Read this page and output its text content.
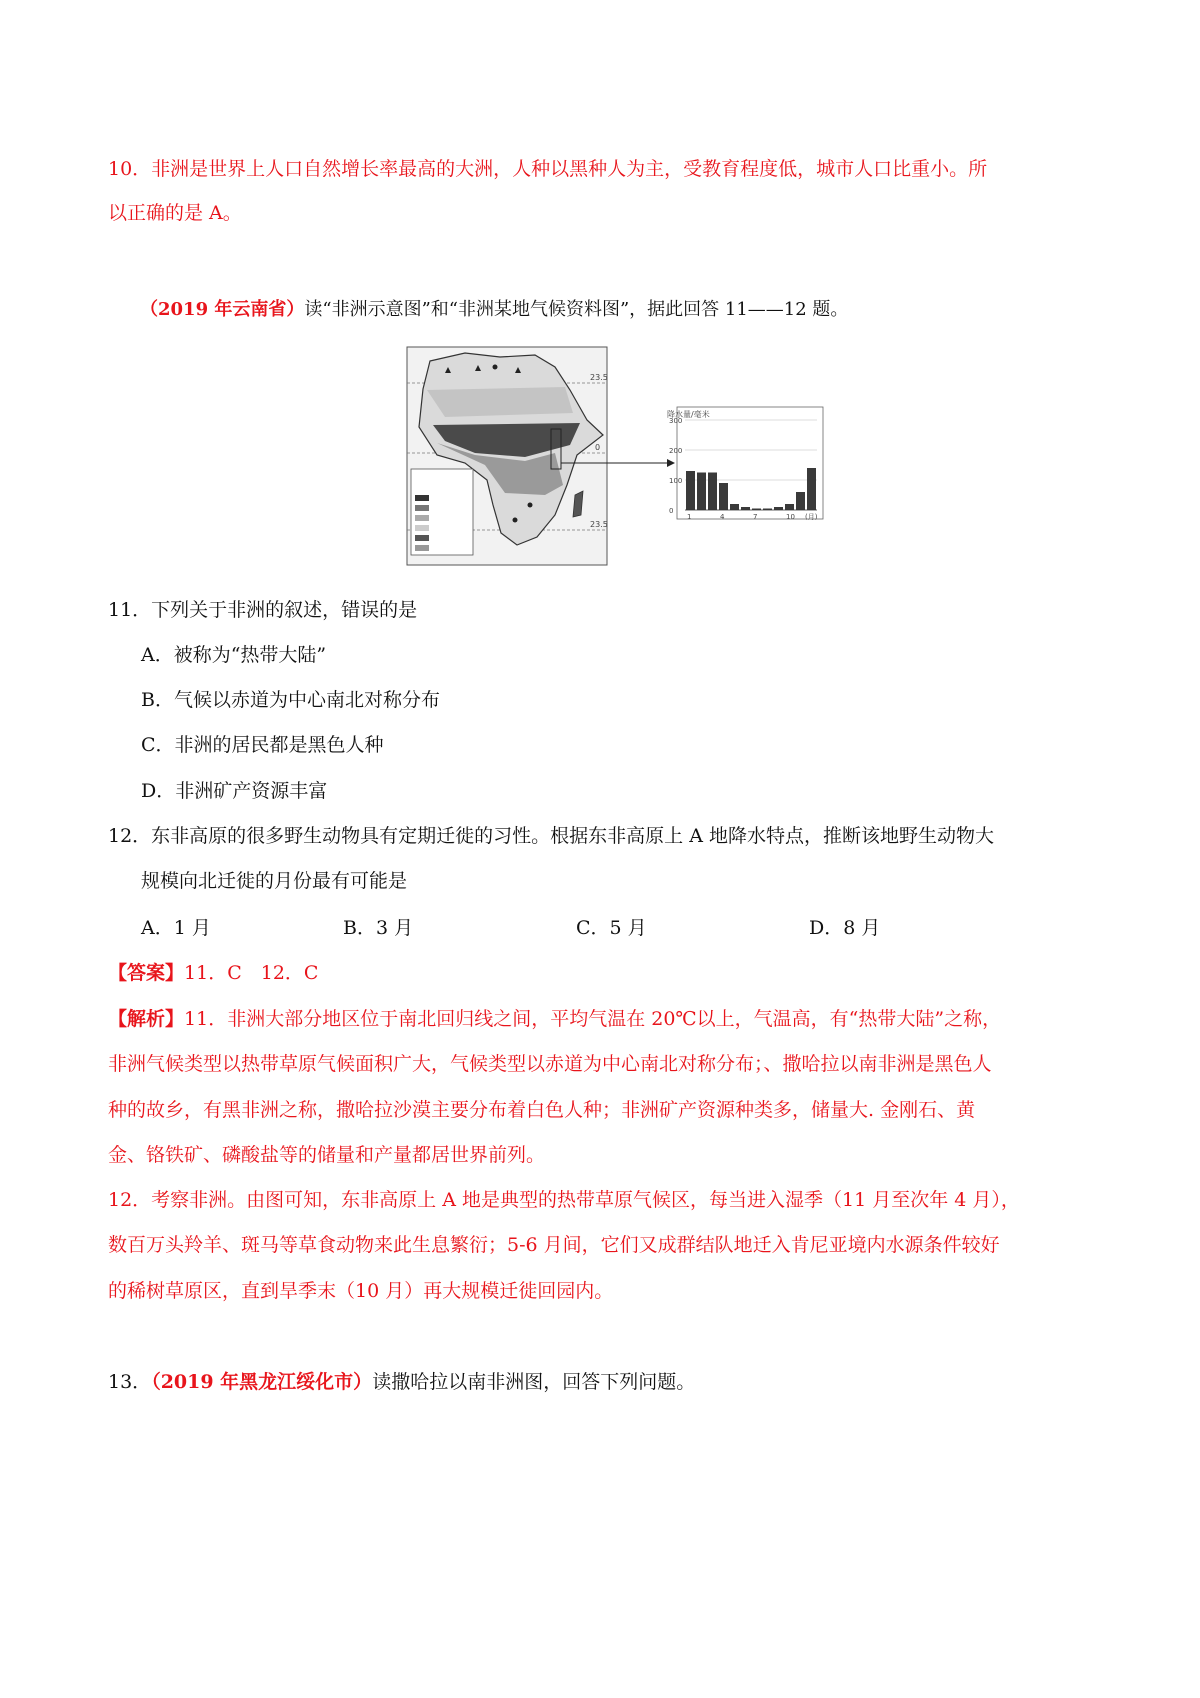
10．非洲是世界上人口自然增长率最高的大洲，人种以黑种人为主，受教育程度低，城市人口比重小。所
以正确的是 A。
（2019 年云南省）读“非洲示意图”和“非洲某地气候资料图”，据此回答 11——12 题。
23.5
0
23.5
降水量/毫米
300
200
100
0
1	4	7	10 (月)
11．下列关于非洲的叙述，错误的是
A．被称为“热带大陆”
B．气候以赤道为中心南北对称分布
C．非洲的居民都是黑色人种
D．非洲矿产资源丰富
12．东非高原的很多野生动物具有定期迁徙的习性。根据东非高原上 A 地降水特点，推断该地野生动物大
规模向北迁徙的月份最有可能是
A．1 月	B．3 月	C．5 月	D．8 月
【答案】11．C　12．C
【解析】11．非洲大部分地区位于南北回归线之间，平均气温在 20℃以上，气温高，有“热带大陆”之称，
非洲气候类型以热带草原气候面积广大，气候类型以赤道为中心南北对称分布；、撒哈拉以南非洲是黑色人
种的故乡，有黑非洲之称，撒哈拉沙漠主要分布着白色人种；非洲矿产资源种类多，储量大. 金刚石、黄
金、铬铁矿、磷酸盐等的储量和产量都居世界前列。
12．考察非洲。由图可知，东非高原上 A 地是典型的热带草原气候区，每当进入湿季（11 月至次年 4 月），
数百万头羚羊、斑马等草食动物来此生息繁衍；5-6 月间，它们又成群结队地迁入肯尼亚境内水源条件较好
的稀树草原区，直到旱季末（10 月）再大规模迁徙回园内。
13．（2019 年黑龙江绥化市）读撒哈拉以南非洲图，回答下列问题。
